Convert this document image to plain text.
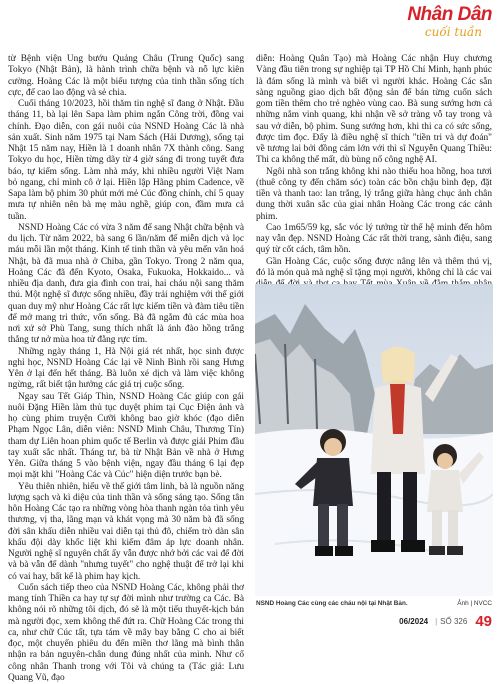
Nhân Dân
cuối tuần

từ Bệnh viện Ung bướu Quảng Châu (Trung Quốc) sang Tokyo (Nhật Bản), là hành trình chữa bệnh và nỗ lực kiên cường. Hoàng Các là một biểu tượng của tinh thần sống tích cực, để cao lao động và sẻ chia.

Cuối tháng 10/2023, hồi thăm tin nghệ sĩ đang ở Nhật. Đầu tháng 11, bà lại lên Sapa làm phim ngắn Công trời, đồng vai chính. Đạo diễn, con gái nuôi của NSND Hoàng Các là nhà sản xuất. Sinh năm 1975 tại Nam Sách (Hải Dương), sống tại Nhật 15 năm nay, Hiền là 1 doanh nhân 7X thành công. Sang Tokyo du học, Hiền từng dãy từ 4 giờ sáng đi trong tuyết đưa báo, tự kiếm sống. Làm nhà máy, khi nhiều người Việt Nam bỏ ngang, chỉ mình cô ở lại. Hiền lập Hãng phim Cadence, về Sapa làm bộ phim 30 phút mới mẻ Cúc đồng chính, chỉ 5 quay mưa tự nhiên nên bà mẹ màu nghề, giúp con, đầm mưa cả tuần.

NSND Hoàng Các có vừa 3 năm để sang Nhật chữa bệnh và du lịch. Từ năm 2022, bà sang 6 lần/năm để miễn dịch và lọc máu mỗi lần một tháng. Kinh tế tinh thần và yêu mến văn hoá Nhật, bà đã mua nhà ở Chiba, gần Tokyo. Trong 2 năm qua, Hoàng Các đã đến Kyoto, Osaka, Fukuoka, Hokkaido... và nhiều địa danh, đưa gia đình con trai, hai cháu nội sang thăm thú. Một nghệ sĩ được sống nhiều, đầy trải nghiệm với thế giới quan duy mỹ như Hoàng Các rất lực kiếm tiền và đàm tiêu tiền để mở mang tri thức, vốn sống. Bà đã ngắm đủ các mùa hoa nơi xứ sở Phù Tang, sung thích nhất là ánh đào hồng trắng thắng tư nở mùa hoa tử đằng rực tím.

Những ngày tháng 1, Hà Nội giá rét nhất, học sinh được nghỉ học, NSND Hoàng Các lại về Ninh Bình rồi sang Hưng Yên ở lại đến hết tháng. Bà luôn xé dịch và làm việc không ngừng, rất biết tận hưởng các giá trị cuộc sống.

Ngay sau Tết Giáp Thìn, NSND Hoàng Các giúp con gái nuôi Đặng Hiền làm thủ tục duyệt phim tại Cục Điện ảnh và họ cùng phim truyện Cưỡi không bao giờ khóc (đạo diễn Phạm Ngọc Lân, diễn viên: NSND Minh Châu, Thương Tín) tham dự Liên hoan phim quốc tế Berlin và được giải Phim đầu tay xuất sắc nhất. Tháng tư, bà từ Nhật Bản về nhà ở Hưng Yên. Giữa tháng 5 vào bệnh viện, ngay đầu tháng 6 lại đẹp mọi mặt khi "Hoàng Các và Cúc" hiện diện trước bạn bè.

Yêu thiên nhiên, hiểu về thế giới tâm linh, bà là nguồn năng lượng sạch và kì diệu của tinh thần và sống sáng tạo. Sống tân hôn Hoàng Các tạo ra những vòng hòa thanh ngàn tỏa tình yêu thương, vị tha, lãng mạn và khát vọng mà 30 năm bà đã sống đời sân khấu diễn nhiều vai diễn tại thủ đô, chiếm trò dàn sân khấu đội dày khốc liệt khi kiếm đâm áp lực doanh nhân. Người nghệ sĩ nguyên chất ấy vẫn được nhớ bởi các vai để đời và bà vẫn để dành "nhưng tuyết" cho nghệ thuật để trở lại khi có vai hay, bất kể là phim hay kịch.

Cuốn sách tiếp theo của NSND Hoàng Các, không phải thơ mang tính Thiền ca hay tự sự đời mình như trường ca Các. Bà không nói rõ những tôi dịch, đó sẽ là một tiểu thuyết-kịch bản mà người đọc, xem không thể đứt ra. Chữ Hoàng Các trong thi ca, như chữ Cúc tất, tựa tám về mây bay bằng C cho ai biết đọc, một chuyến phiêu du đến miền thơ lãng mà bình thân nhận ra bản nguyên-chân dung đúng nhất của mình. Như cổ công nhân Thanh trong với Tôi và chúng ta (Tác giả: Lưu Quang Vũ, đạo

diễn: Hoàng Quân Tạo) mà Hoàng Các nhận Huy chương Vàng đầu tiên trong sự nghiệp tại TP Hồ Chí Minh, hạnh phúc là đám sống là mình và biết vì người khác. Hoàng Các sẵn sàng nguồng giao dịch bất động sản để bán từng cuốn sách gom tiền thêm cho trẻ nghèo vùng cao. Bà sung sướng hơn cả những nắm vinh quang, khi nhận về sở tràng vỗ tay trong và sau vở diễn, bộ phim. Sung sướng hơn, khi thi ca có sức sống, được tìm đọc. Đấy là điều nghệ sĩ thích "tiền tri và dự đoán" về tương lai bởi đồng cảm lớn với thì sĩ Nguyễn Quang Thiều: Thi ca không thể mất, dù bùng nổ công nghệ AI.

Ngôi nhà son trắng không khi nào thiếu hoa hồng, hoa tươi (thuê công ty đến chăm sóc) toàn các bồn chậu bình đẹp, đặt tiền và thanh tao: lan trắng, lý trắng giữa hàng chục ảnh chân dung thời xuân sắc của giai nhân Hoàng Các trong các cảnh phim.

Cao 1m65/59 kg, sắc vóc lý tưởng từ thể hệ minh đến hôm nay vẫn đẹp. NSND Hoàng Các rất thời trang, sành điệu, sang quý từ cốt cách, tâm hồn.

Gần Hoàng Các, cuộc sống được nâng lên và thêm thú vị, đó là món quà mà nghệ sĩ tặng mọi người, không chỉ là các vai

NSND Hoàng Các cùng các cháu nội tại Nhật Bản.	Ảnh | NVCC
06/2024 | SỐ 326 49
